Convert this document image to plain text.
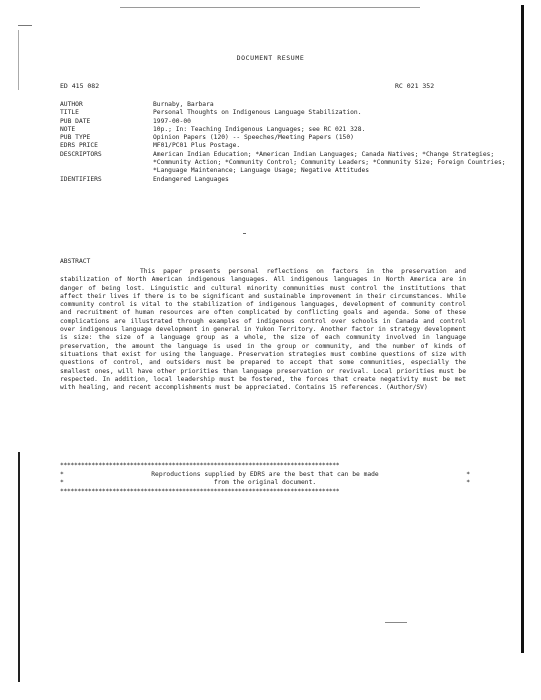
DOCUMENT RESUME
ED 415 082	RC 021 352
AUTHOR	Burnaby, Barbara
TITLE	Personal Thoughts on Indigenous Language Stabilization.
PUB DATE	1997-00-00
NOTE	10p.; In: Teaching Indigenous Languages; see RC 021 328.
PUB TYPE	Opinion Papers (120) -- Speeches/Meeting Papers (150)
EDRS PRICE	MF01/PC01 Plus Postage.
DESCRIPTORS	American Indian Education; *American Indian Languages; Canada Natives; *Change Strategies; *Community Action; *Community Control; Community Leaders; *Community Size; Foreign Countries; *Language Maintenance; Language Usage; Negative Attitudes
IDENTIFIERS	Endangered Languages
ABSTRACT

This paper presents personal reflections on factors in the preservation and stabilization of North American indigenous languages. All indigenous languages in North America are in danger of being lost. Linguistic and cultural minority communities must control the institutions that affect their lives if there is to be significant and sustainable improvement in their circumstances. While community control is vital to the stabilization of indigenous languages, development of community control and recruitment of human resources are often complicated by conflicting goals and agenda. Some of these complications are illustrated through examples of indigenous control over schools in Canada and control over indigenous language development in general in Yukon Territory. Another factor in strategy development is size: the size of a language group as a whole, the size of each community involved in language preservation, the amount the language is used in the group or community, and the number of kinds of situations that exist for using the language. Preservation strategies must combine questions of size with questions of control, and outsiders must be prepared to accept that some communities, especially the smallest ones, will have other priorities than language preservation or revival. Local priorities must be respected. In addition, local leadership must be fostered, the forces that create negativity must be met with healing, and recent accomplishments must be appreciated. Contains 15 references. (Author/SV)

********************************************************************************
*	Reproductions supplied by EDRS are the best that can be made	*
*	from the original document.	*
********************************************************************************
